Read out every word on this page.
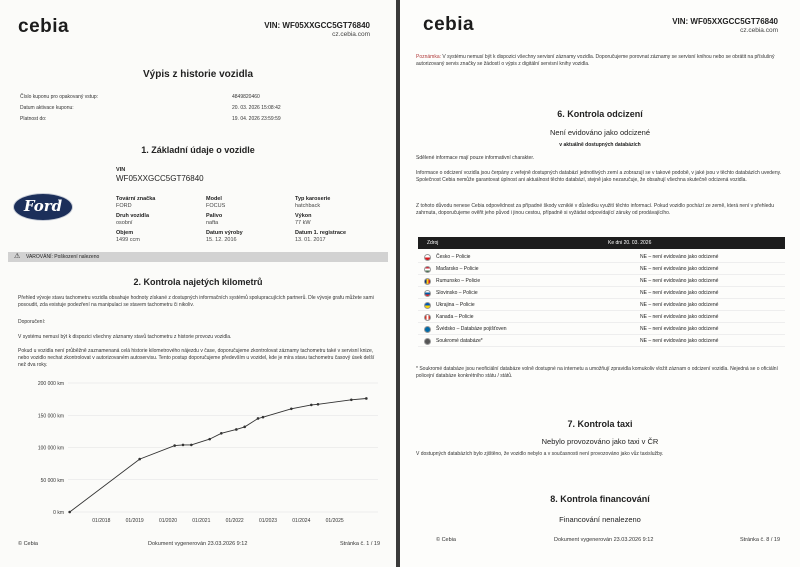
cebia	VIN: WF05XXGCC5GT76840
cz.cebia.com
Výpis z historie vozidla
Číslo kuponu pro opakovaný vstup:	4849820460
Datum aktivace kuponu:	20. 03. 2026 15:08:42
Platnost do:	19. 04. 2026 23:59:59
1. Základní údaje o vozidle
VIN
WF05XXGCC5GT76840
Ford	Tovární značka
FORD
Model
FOCUS
Typ karoserie
hatchback
Druh vozidla
osobní
Palivo
nafta
Výkon
77 kW
Objem
1499 ccm
Datum výroby
15. 12. 2016
Datum 1. registrace
13. 01. 2017
⚠ VAROVÁNÍ: Poškození nalezeno
2. Kontrola najetých kilometrů
Přehled vývoje stavu tachometru vozidla obsahuje hodnoty získané z dostupných informačních systémů spolupracujících partnerů. Dle vývoje grafu můžete sami posoudit, zda existuje podezření na manipulaci se stavem tachometru či nikoliv.
Doporučení:
V systému nemusí být k dispozici všechny záznamy stavů tachometru z historie provozu vozidla.
Pokud u vozidla není průběžně zaznamenaná celá historie kilometrového nájezdu v čase, doporučujeme zkontrolovat záznamy tachometru také v servisní knize, nebo vozidlo nechat zkontrolovat v autorizovaném autoservisu. Tento postup doporučujeme především u vozidel, kde je míra stavu tachometru časový úsek delší než dva roky.
200 000 km
150 000 km
100 000 km
50 000 km
0 km
01/2018	01/2019	01/2020	01/2021	01/2022	01/2023	01/2024	01/2025
© Cebia	Dokument vygenerován 23.03.2026 9:12	Stránka č. 1 / 19
cebia	VIN: WF05XXGCC5GT76840
cz.cebia.com
Poznámka: V systému nemusí být k dispozici všechny servisní záznamy vozidla. Doporučujeme porovnat záznamy se servisní knihou nebo se obrátit na příslušný autorizovaný servis značky se žádostí o výpis z digitální servisní knihy vozidla.
6. Kontrola odcizení
Není evidováno jako odcizené
v aktuálně dostupných databázích
Sdělené informace mají pouze informativní charakter.
Informace o odcizení vozidla jsou čerpány z veřejně dostupných databází jednotlivých zemí a zobrazují se v takové podobě, v jaké jsou v těchto databázích uvedeny. Společnost Cebia nemůže garantovat úplnost ani aktuálnost těchto databází, stejně jako nezaručuje, že obsahují všechna skutečně odcizená vozidla.
Z tohoto důvodu nenese Cebia odpovědnost za případné škody vzniklé v důsledku využití těchto informací. Pokud vozidlo pochází ze země, která není v přehledu zahrnuta, doporučujeme ověřit jeho původ i jinou cestou, případně si vyžádat odpovídající záruky od prodávajícího.
Zdroj	Ke dni 20. 03. 2026
Česko – Policie	NE – není evidováno jako odcizené
Maďarsko – Policie	NE – není evidováno jako odcizené
Rumunsko – Policie	NE – není evidováno jako odcizené
Slovinsko – Policie	NE – není evidováno jako odcizené
Ukrajina – Policie	NE – není evidováno jako odcizené
Kanada – Policie	NE – není evidováno jako odcizené
Švédsko – Databáze pojišťoven	NE – není evidováno jako odcizené
Soukromé databáze*	NE – není evidováno jako odcizené
* Soukromé databáze jsou neoficiální databáze volně dostupné na internetu a umožňují zpravidla komukoliv vložit záznam o odcizení vozidla. Nejedná se o oficiální policejní databáze konkrétního státu / států.
7. Kontrola taxi
Nebylo provozováno jako taxi v ČR
V dostupných databázích bylo zjištěno, že vozidlo nebylo a v současnosti není provozováno jako vůz taxislužby.
8. Kontrola financování
Financování nenalezeno
© Cebia	Dokument vygenerován 23.03.2026 9:12	Stránka č. 8 / 19
